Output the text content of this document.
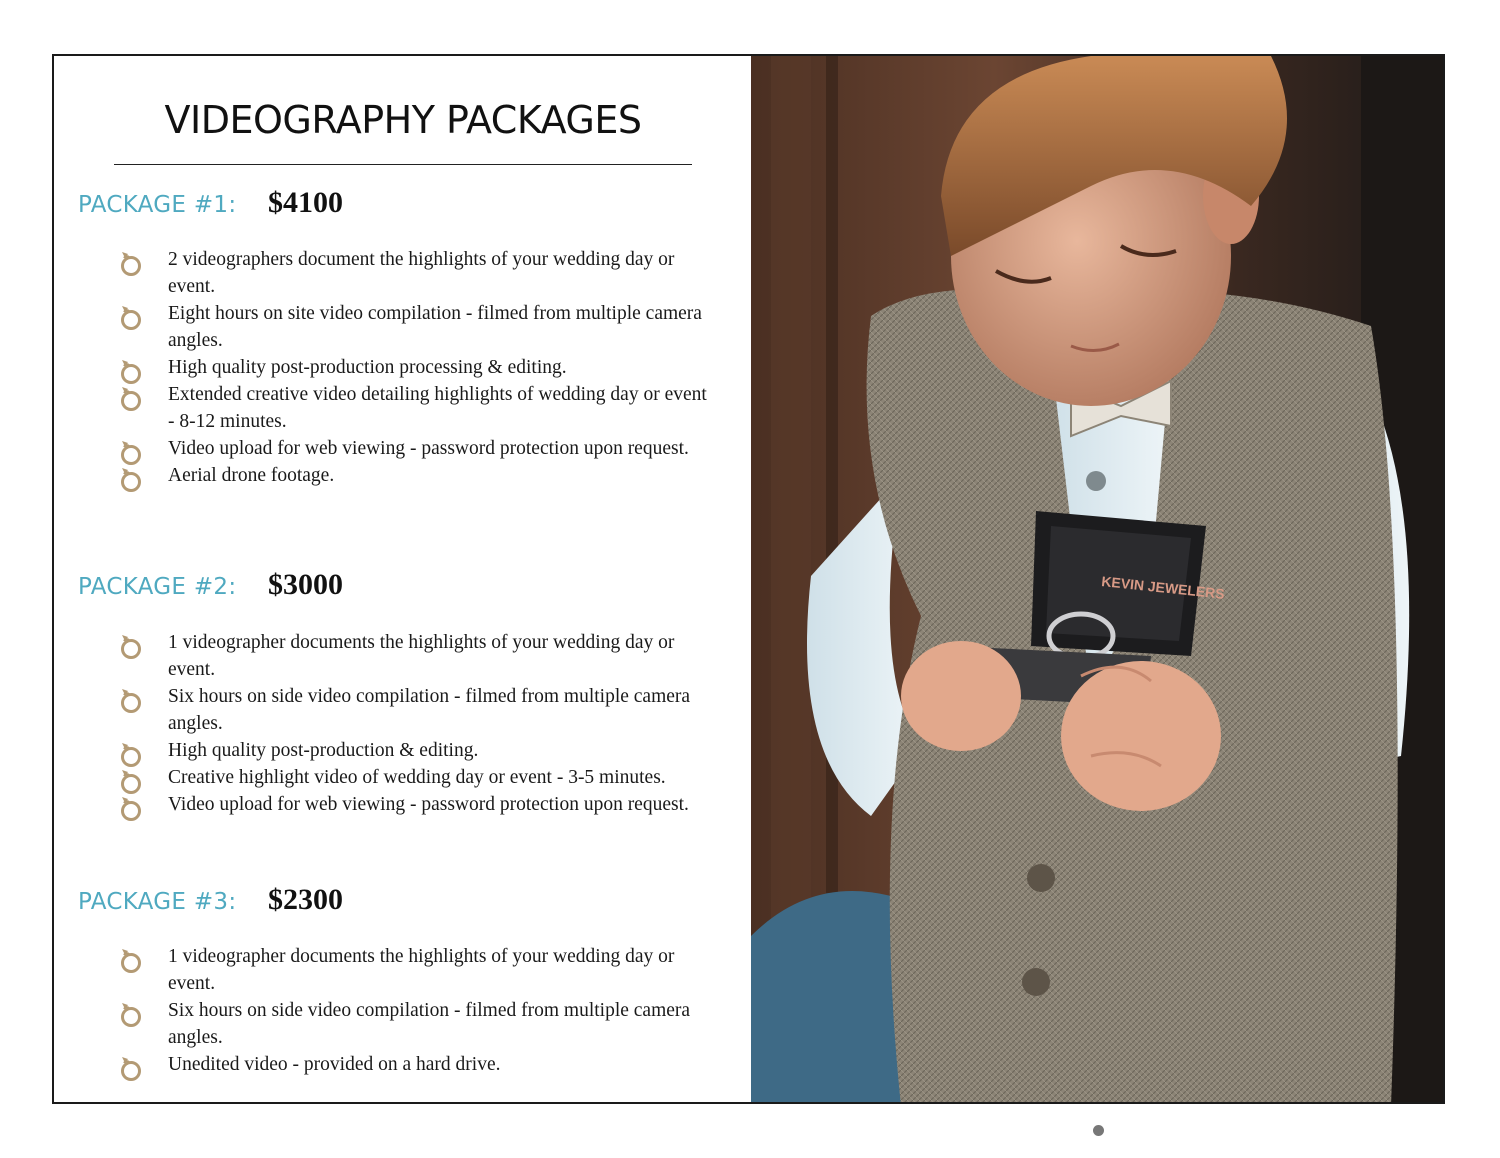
VIDEOGRAPHY PACKAGES
PACKAGE #1:	$4100
2 videographers document the highlights of your wedding day or event.
Eight hours on site video compilation - filmed from multiple camera angles.
High quality post-production processing & editing.
Extended creative video detailing highlights of wedding day or event - 8-12 minutes.
Video upload for web viewing - password protection upon request.
Aerial drone footage.
PACKAGE #2:	$3000
1 videographer documents the highlights of your wedding day or event.
Six hours on side video compilation - filmed from multiple camera angles.
High quality post-production & editing.
Creative highlight video of wedding day or event - 3-5 minutes.
Video upload for web viewing - password protection upon request.
PACKAGE #3:	$2300
1 videographer documents the highlights of your wedding day or event.
Six hours on side video compilation - filmed from multiple camera angles.
Unedited video - provided on a hard drive.
KEVIN JEWELERS
